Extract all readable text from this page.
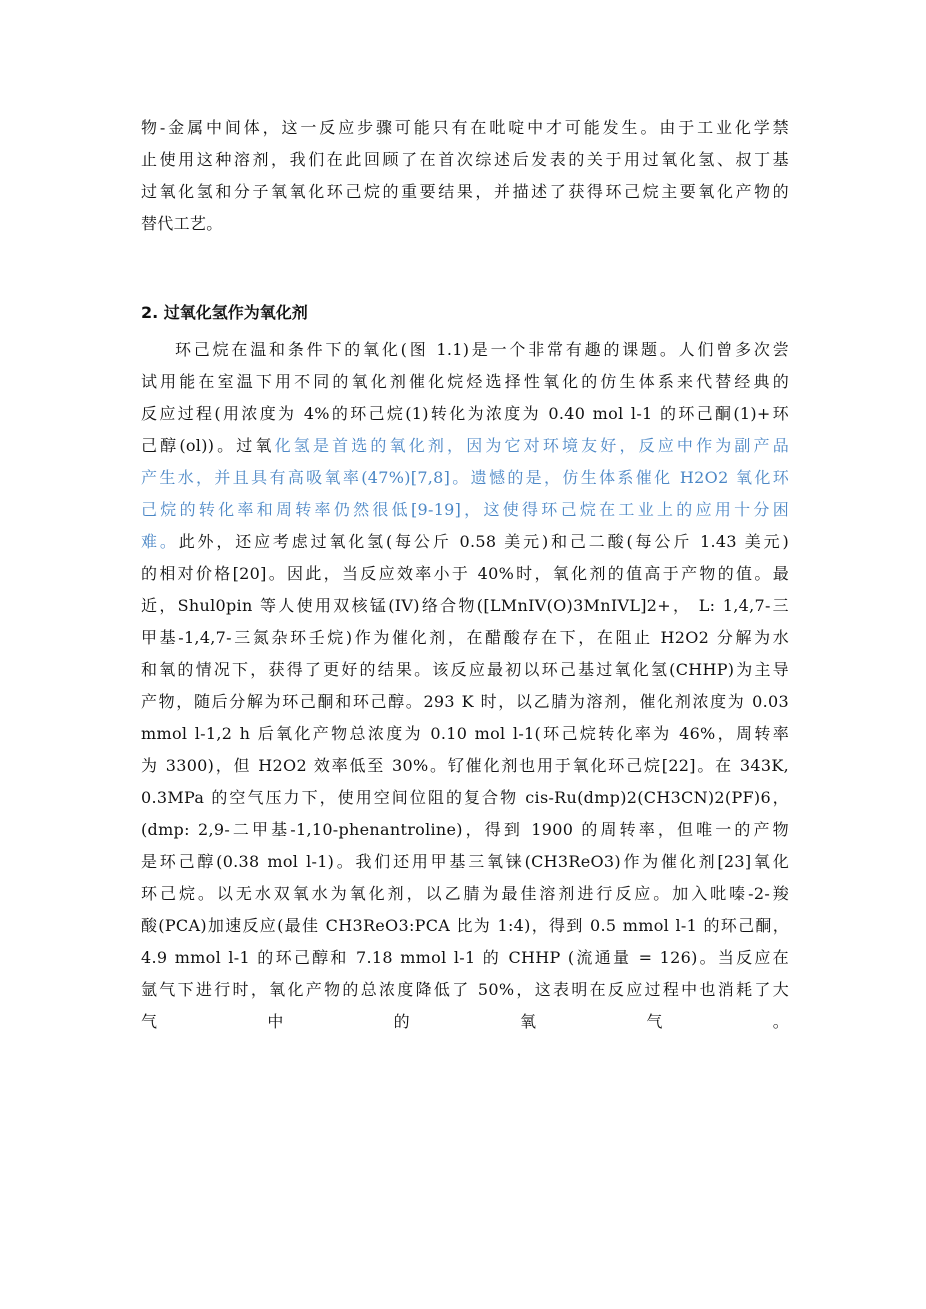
物-金属中间体，这一反应步骤可能只有在吡啶中才可能发生。由于工业化学禁
止使用这种溶剂，我们在此回顾了在首次综述后发表的关于用过氧化氢、叔丁基
过氧化氢和分子氧氧化环己烷的重要结果，并描述了获得环己烷主要氧化产物的
替代工艺。
2. 过氧化氢作为氧化剂
环己烷在温和条件下的氧化(图 1.1)是一个非常有趣的课题。人们曾多次尝
试用能在室温下用不同的氧化剂催化烷烃选择性氧化的仿生体系来代替经典的
反应过程(用浓度为 4%的环己烷(1)转化为浓度为 0.40 mol l-1 的环己酮(1)+环
己醇(ol))。过氧化氢是首选的氧化剂，因为它对环境友好，反应中作为副产品
产生水，并且具有高吸氧率(47%)[7,8]。遗憾的是，仿生体系催化 H2O2 氧化环
己烷的转化率和周转率仍然很低[9-19]，这使得环己烷在工业上的应用十分困
难。此外，还应考虑过氧化氢(每公斤 0.58 美元)和己二酸(每公斤 1.43 美元)
的相对价格[20]。因此，当反应效率小于 40%时，氧化剂的值高于产物的值。最
近，Shul0pin 等人使用双核锰(IV)络合物([LMnIV(O)3MnIVL]2+， L: 1,4,7-三
甲基-1,4,7-三氮杂环壬烷)作为催化剂，在醋酸存在下，在阻止 H2O2 分解为水
和氧的情况下，获得了更好的结果。该反应最初以环己基过氧化氢(CHHP)为主导
产物，随后分解为环己酮和环己醇。293 K 时，以乙腈为溶剂，催化剂浓度为 0.03
mmol l-1,2 h 后氧化产物总浓度为 0.10 mol l-1(环己烷转化率为 46%，周转率
为 3300)，但 H2O2 效率低至 30%。钌催化剂也用于氧化环己烷[22]。在 343K,
0.3MPa 的空气压力下，使用空间位阻的复合物 cis-Ru(dmp)2(CH3CN)2(PF)6，
(dmp: 2,9-二甲基-1,10-phenantroline)，得到 1900 的周转率，但唯一的产物
是环己醇(0.38 mol l-1)。我们还用甲基三氧铼(CH3ReO3)作为催化剂[23]氧化
环己烷。以无水双氧水为氧化剂，以乙腈为最佳溶剂进行反应。加入吡嗪-2-羧
酸(PCA)加速反应(最佳 CH3ReO3:PCA 比为 1:4)，得到 0.5 mmol l-1 的环己酮，
4.9 mmol l-1 的环己醇和 7.18 mmol l-1 的 CHHP (流通量 = 126)。当反应在
氩气下进行时，氧化产物的总浓度降低了 50%，这表明在反应过程中也消耗了大
气中的氧气。
